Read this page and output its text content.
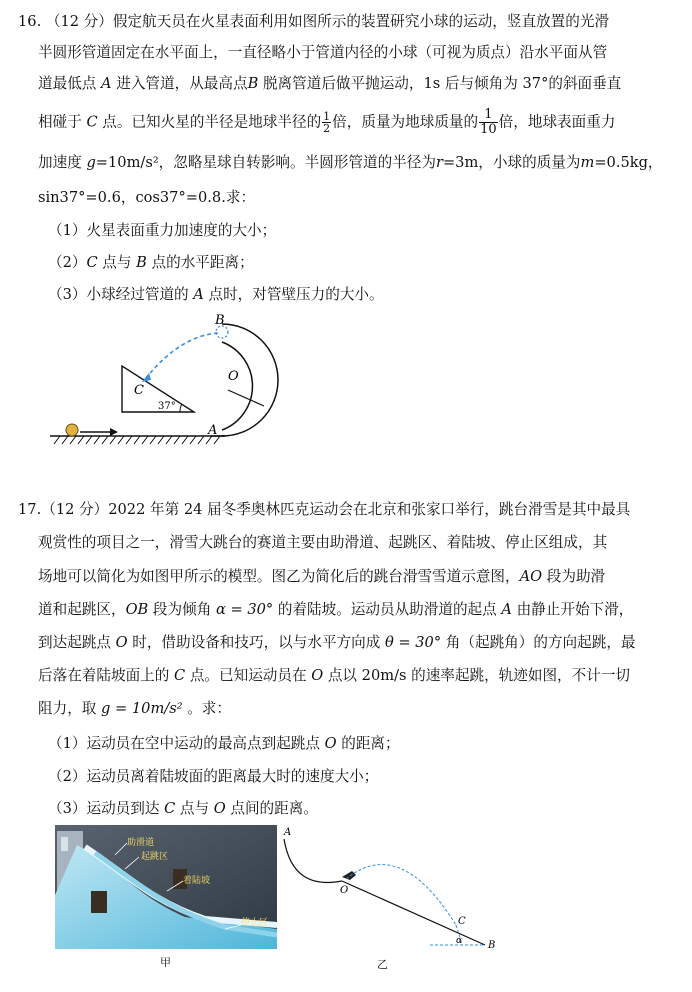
16. （12 分）假定航天员在火星表面利用如图所示的装置研究小球的运动，竖直放置的光滑
半圆形管道固定在水平面上，一直径略小于管道内径的小球（可视为质点）沿水平面从管
道最低点 A 进入管道，从最高点B 脱离管道后做平抛运动，1s 后与倾角为 37°的斜面垂直
相碰于 C 点。已知火星的半径是地球半径的 $\frac{1}{2}$ 倍，质量为地球质量的 $\frac{1}{10}$ 倍，地球表面重力
加速度 g=10m/s²，忽略星球自转影响。半圆形管道的半径为r=3m，小球的质量为m=0.5kg，
sin37°=0.6，cos37°=0.8.求：
（1）火星表面重力加速度的大小；
（2）C 点与 B 点的水平距离；
（3）小球经过管道的 A 点时，对管壁压力的大小。
37°
C
B
O
A
17.（12 分）2022 年第 24 届冬季奥林匹克运动会在北京和张家口举行，跳台滑雪是其中最具
观赏性的项目之一，滑雪大跳台的赛道主要由助滑道、起跳区、着陆坡、停止区组成，其
场地可以简化为如图甲所示的模型。图乙为简化后的跳台滑雪雪道示意图，AO 段为助滑
道和起跳区，OB 段为倾角 α = 30° 的着陆坡。运动员从助滑道的起点 A 由静止开始下滑，
到达起跳点 O 时，借助设备和技巧，以与水平方向成 θ = 30° 角（起跳角）的方向起跳，最
后落在着陆坡面上的 C 点。已知运动员在 O 点以 20m/s 的速率起跳，轨迹如图，不计一切
阻力，取 g = 10m/s² 。求：
（1）运动员在空中运动的最高点到起跳点 O 的距离；
（2）运动员离着陆坡面的距离最大时的速度大小；
（3）运动员到达 C 点与 O 点间的距离。
助滑道
起跳区
着陆坡
停止区
甲
A
O
C
α	B
乙
